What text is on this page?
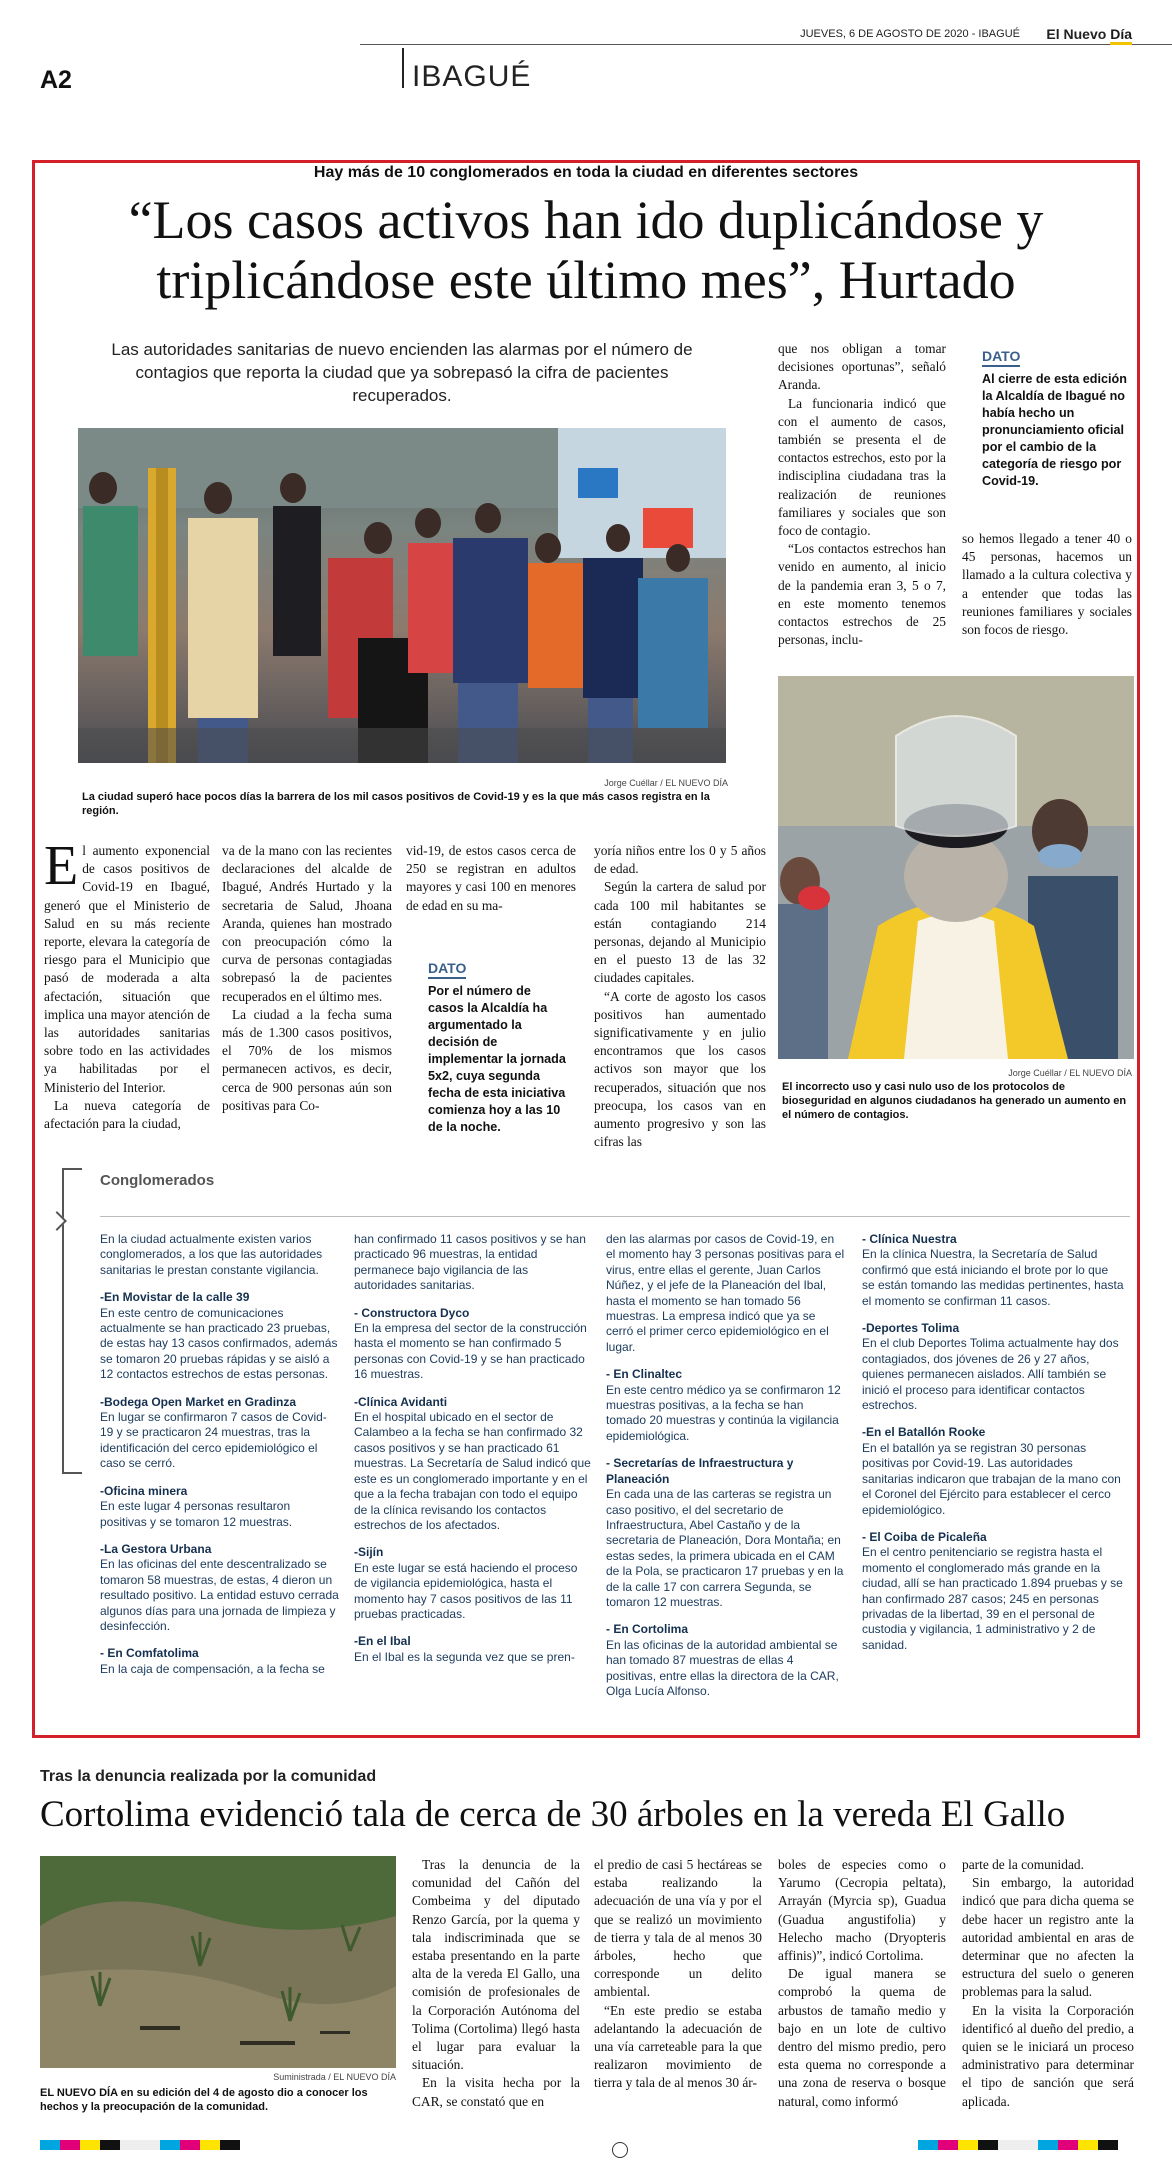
JUEVES, 6 DE AGOSTO DE 2020 - IBAGUÉ El Nuevo Día
A2	IBAGUÉ
Hay más de 10 conglomerados en toda la ciudad en diferentes sectores
“Los casos activos han ido duplicándose y
triplicándose este último mes”, Hurtado
Las autoridades sanitarias de nuevo encienden las alarmas por el número de contagios que reporta la ciudad que ya sobrepasó la cifra de pacientes recuperados.
Jorge Cuéllar / EL NUEVO DÍA
La ciudad superó hace pocos días la barrera de los mil casos positivos de Covid-19 y es la que más casos registra en la región.

El aumento exponencial de casos positivos de Covid-19 en Ibagué, generó que el Ministerio de Salud en su más reciente reporte, elevara la categoría de riesgo para el Municipio que pasó de moderada a alta afectación, situación que implica una mayor atención de las autoridades sanitarias sobre todo en las actividades ya habilitadas por el Ministerio del Interior.

La nueva categoría de afectación para la ciudad,

va de la mano con las recientes declaraciones del alcalde de Ibagué, Andrés Hurtado y la secretaria de Salud, Jhoana Aranda, quienes han mostrado con preocupación cómo la curva de personas contagiadas sobrepasó la de pacientes recuperados en el último mes.

La ciudad a la fecha suma más de 1.300 casos positivos, el 70% de los mismos permanecen activos, es decir, cerca de 900 personas aún son positivas para Co-

vid-19, de estos casos cerca de 250 se registran en adultos mayores y casi 100 en menores de edad en su ma-

DATO
Por el número de casos la Alcaldía ha argumentado la decisión de implementar la jornada 5x2, cuya segunda fecha de esta iniciativa comienza hoy a las 10 de la noche.

yoría niños entre los 0 y 5 años de edad.

Según la cartera de salud por cada 100 mil habitantes se están contagiando 214 personas, dejando al Municipio en el puesto 13 de las 32 ciudades capitales.

“A corte de agosto los casos positivos han aumentado significativamente y en julio encontramos que los casos activos son mayor que los recuperados, situación que nos preocupa, los casos van en aumento progresivo y son las cifras las

que nos obligan a tomar decisiones oportunas”, señaló Aranda.

La funcionaria indicó que con el aumento de casos, también se presenta el de contactos estrechos, esto por la indisciplina ciudadana tras la realización de reuniones familiares y sociales que son foco de contagio.

“Los contactos estrechos han venido en aumento, al inicio de la pandemia eran 3, 5 o 7, en este momento tenemos contactos estrechos de 25 personas, inclu-

DATO
Al cierre de esta edición la Alcaldía de Ibagué no había hecho un pronunciamiento oficial por el cambio de la categoría de riesgo por Covid-19.

so hemos llegado a tener 40 o 45 personas, hacemos un llamado a la cultura colectiva y a entender que todas las reuniones familiares y sociales son focos de riesgo.

Jorge Cuéllar / EL NUEVO DÍA
El incorrecto uso y casi nulo uso de los protocolos de bioseguridad en algunos ciudadanos ha generado un aumento en el número de contagios.
Conglomerados
En la ciudad actualmente existen varios conglomerados, a los que las autoridades sanitarias le prestan constante vigilancia.
-En Movistar de la calle 39
En este centro de comunicaciones actualmente se han practicado 23 pruebas, de estas hay 13 casos confirmados, además se tomaron 20 pruebas rápidas y se aisló a 12 contactos estrechos de estas personas.
-Bodega Open Market en Gradinza
En lugar se confirmaron 7 casos de Covid-19 y se practicaron 24 muestras, tras la identificación del cerco epidemiológico el caso se cerró.
-Oficina minera
En este lugar 4 personas resultaron positivas y se tomaron 12 muestras.
-La Gestora Urbana
En las oficinas del ente descentralizado se tomaron 58 muestras, de estas, 4 dieron un resultado positivo. La entidad estuvo cerrada algunos días para una jornada de limpieza y desinfección.
- En Comfatolima
En la caja de compensación, a la fecha se
han confirmado 11 casos positivos y se han practicado 96 muestras, la entidad permanece bajo vigilancia de las autoridades sanitarias.
- Constructora Dyco
En la empresa del sector de la construcción hasta el momento se han confirmado 5 personas con Covid-19 y se han practicado 16 muestras.
-Clínica Avidanti
En el hospital ubicado en el sector de Calambeo a la fecha se han confirmado 32 casos positivos y se han practicado 61 muestras. La Secretaría de Salud indicó que este es un conglomerado importante y en el que a la fecha trabajan con todo el equipo de la clínica revisando los contactos estrechos de los afectados.
-Sijín
En este lugar se está haciendo el proceso de vigilancia epidemiológica, hasta el momento hay 7 casos positivos de las 11 pruebas practicadas.
-En el Ibal
En el Ibal es la segunda vez que se pren-
den las alarmas por casos de Covid-19, en el momento hay 3 personas positivas para el virus, entre ellas el gerente, Juan Carlos Núñez, y el jefe de la Planeación del Ibal, hasta el momento se han tomado 56 muestras. La empresa indicó que ya se cerró el primer cerco epidemiológico en el lugar.
- En Clinaltec
En este centro médico ya se confirmaron 12 muestras positivas, a la fecha se han tomado 20 muestras y continúa la vigilancia epidemiológica.
- Secretarías de Infraestructura y Planeación
En cada una de las carteras se registra un caso positivo, el del secretario de Infraestructura, Abel Castaño y de la secretaria de Planeación, Dora Montaña; en estas sedes, la primera ubicada en el CAM de la Pola, se practicaron 17 pruebas y en la de la calle 17 con carrera Segunda, se tomaron 12 muestras.
- En Cortolima
En las oficinas de la autoridad ambiental se han tomado 87 muestras de ellas 4 positivas, entre ellas la directora de la CAR, Olga Lucía Alfonso.
- Clínica Nuestra
En la clínica Nuestra, la Secretaría de Salud confirmó que está iniciando el brote por lo que se están tomando las medidas pertinentes, hasta el momento se confirman 11 casos.
-Deportes Tolima
En el club Deportes Tolima actualmente hay dos contagiados, dos jóvenes de 26 y 27 años, quienes permanecen aislados. Allí también se inició el proceso para identificar contactos estrechos.
-En el Batallón Rooke
En el batallón ya se registran 30 personas positivas por Covid-19. Las autoridades sanitarias indicaron que trabajan de la mano con el Coronel del Ejército para establecer el cerco epidemiológico.
- El Coiba de Picaleña
En el centro penitenciario se registra hasta el momento el conglomerado más grande en la ciudad, allí se han practicado 1.894 pruebas y se han confirmado 287 casos; 245 en personas privadas de la libertad, 39 en el personal de custodia y vigilancia, 1 administrativo y 2 de sanidad.
Tras la denuncia realizada por la comunidad
Cortolima evidenció tala de cerca de 30 árboles en la vereda El Gallo
Suministrada / EL NUEVO DÍA
EL NUEVO DÍA en su edición del 4 de agosto dio a conocer los hechos y la preocupación de la comunidad.

Tras la denuncia de la comunidad del Cañón del Combeima y del diputado Renzo García, por la quema y tala indiscriminada que se estaba presentando en la parte alta de la vereda El Gallo, una comisión de profesionales de la Corporación Autónoma del Tolima (Cortolima) llegó hasta el lugar para evaluar la situación.

En la visita hecha por la CAR, se constató que en

el predio de casi 5 hectáreas se estaba realizando la adecuación de una vía y por el que se realizó un movimiento de tierra y tala de al menos 30 árboles, hecho que corresponde un delito ambiental.

“En este predio se estaba adelantando la adecuación de una vía carreteable para la que realizaron movimiento de tierra y tala de al menos 30 ár-

boles de especies como o Yarumo (Cecropia peltata), Arrayán (Myrcia sp), Guadua (Guadua angustifolia) y Helecho macho (Dryopteris affinis)”, indicó Cortolima.

De igual manera se comprobó la quema de arbustos de tamaño medio y bajo en un lote de cultivo dentro del mismo predio, pero esta quema no corresponde a una zona de reserva o bosque natural, como informó

parte de la comunidad.

Sin embargo, la autoridad indicó que para dicha quema se debe hacer un registro ante la autoridad ambiental en aras de determinar que no afecten la estructura del suelo o generen problemas para la salud.

En la visita la Corporación identificó al dueño del predio, a quien se le iniciará un proceso administrativo para determinar el tipo de sanción que será aplicada.
